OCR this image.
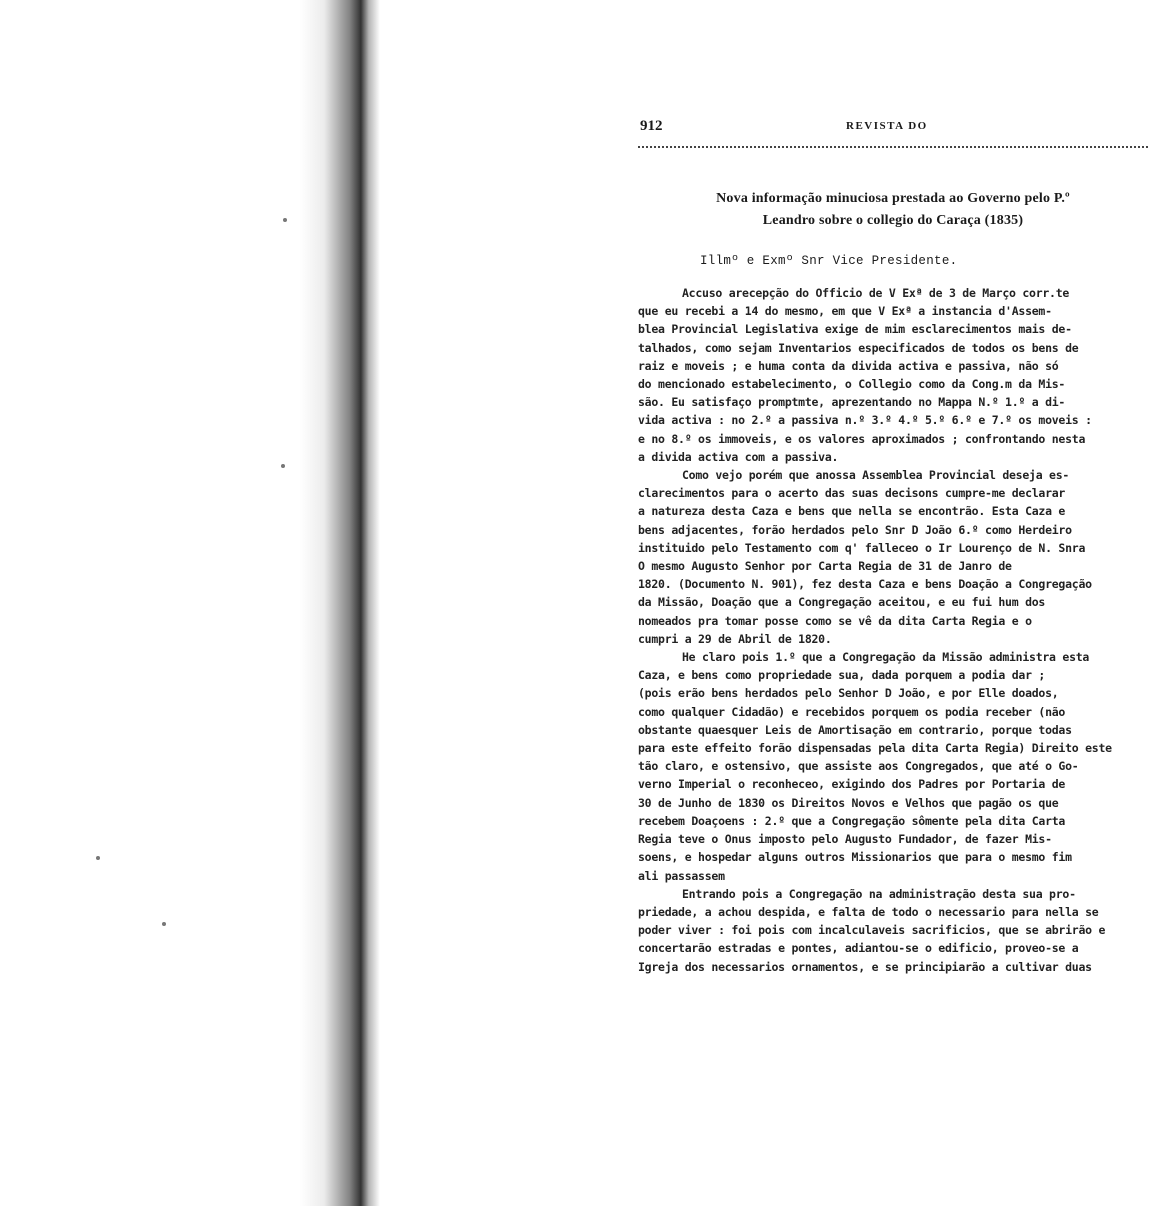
912	REVISTA DO
Nova informação minuciosa prestada ao Governo pelo P.º
Leandro sobre o collegio do Caraça (1835)
Illmº e Exmº Snr Vice Presidente.
Accuso arecepção do Officio de V Exª de 3 de Março corr.te
que eu recebi a 14 do mesmo, em que V Exª a instancia d'Assem-
blea Provincial Legislativa exige de mim esclarecimentos mais de-
talhados, como sejam Inventarios especificados de todos os bens de
raiz e moveis ; e huma conta da divida activa e passiva, não só
do mencionado estabelecimento, o Collegio como da Cong.m da Mis-
são. Eu satisfaço promptmte, aprezentando no Mappa N.º 1.º a di-
vida activa : no 2.º a passiva n.º 3.º 4.º 5.º 6.º e 7.º os moveis :
e no 8.º os immoveis, e os valores aproximados ; confrontando nesta
a divida activa com a passiva.
Como vejo porém que anossa Assemblea Provincial deseja es-
clarecimentos para o acerto das suas decisons cumpre-me declarar
a natureza desta Caza e bens que nella se encontrão. Esta Caza e
bens adjacentes, forão herdados pelo Snr D João 6.º como Herdeiro
instituido pelo Testamento com q' falleceo o Ir Lourenço de N. Snra
O mesmo Augusto Senhor por Carta Regia de 31 de Janro de
1820. (Documento N. 901), fez desta Caza e bens Doação a Congregação
da Missão, Doação que a Congregação aceitou, e eu fui hum dos
nomeados pra tomar posse como se vê da dita Carta Regia e o
cumpri a 29 de Abril de 1820.
He claro pois 1.º que a Congregação da Missão administra esta
Caza, e bens como propriedade sua, dada porquem a podia dar ;
(pois erão bens herdados pelo Senhor D João, e por Elle doados,
como qualquer Cidadão) e recebidos porquem os podia receber (não
obstante quaesquer Leis de Amortisação em contrario, porque todas
para este effeito forão dispensadas pela dita Carta Regia) Direito este
tão claro, e ostensivo, que assiste aos Congregados, que até o Go-
verno Imperial o reconheceo, exigindo dos Padres por Portaria de
30 de Junho de 1830 os Direitos Novos e Velhos que pagão os que
recebem Doaçoens : 2.º que a Congregação sômente pela dita Carta
Regia teve o Onus imposto pelo Augusto Fundador, de fazer Mis-
soens, e hospedar alguns outros Missionarios que para o mesmo fim
ali passassem
Entrando pois a Congregação na administração desta sua pro-
priedade, a achou despida, e falta de todo o necessario para nella se
poder viver : foi pois com incalculaveis sacrificios, que se abrirão e
concertarão estradas e pontes, adiantou-se o edificio, proveo-se a
Igreja dos necessarios ornamentos, e se principiarão a cultivar duas
